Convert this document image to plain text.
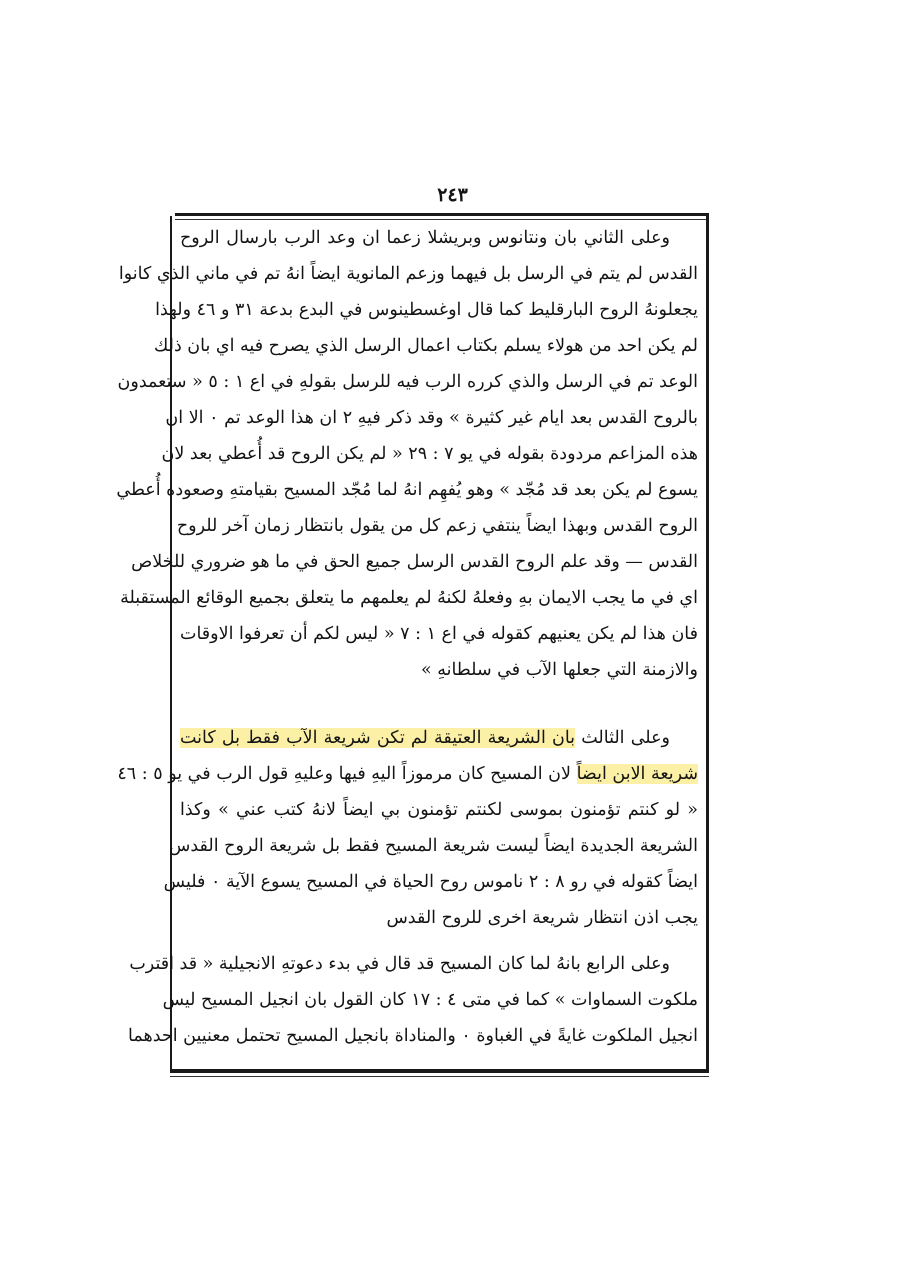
٢٤٣
وعلى الثاني بان ونتانوس وبريشلا زعما ان وعد الرب بارسال الروح
القدس لم يتم في الرسل بل فيهما وزعم المانوية ايضاً انهُ تم في ماني الذي كانوا
يجعلونهُ الروح البارقليط كما قال اوغسطينوس في البدع بدعة ٣١ و ٤٦ ولهذا
لم يكن احد من هولاء يسلم بكتاب اعمال الرسل الذي يصرح فيه اي بان ذلك
الوعد تم في الرسل والذي كرره الرب فيه للرسل بقولهِ في اع ١ : ٥ « ستعمدون
بالروح القدس بعد ايام غير كثيرة » وقد ذكر فيهِ ٢ ان هذا الوعد تم ٠ الا ان
هذه المزاعم مردودة بقوله في يو ٧ : ٢٩ « لم يكن الروح قد أُعطي بعد لان
يسوع لم يكن بعد قد مُجّد » وهو يُفهِم انهُ لما مُجّد المسيح بقيامتهِ وصعوده أُعطي
الروح القدس وبهذا ايضاً ينتفي زعم كل من يقول بانتظار زمان آخر للروح
القدس — وقد علم الروح القدس الرسل جميع الحق في ما هو ضروري للخلاص
اي في ما يجب الايمان بهِ وفعلهُ لكنهُ لم يعلمهم ما يتعلق بجميع الوقائع المستقبلة
فان هذا لم يكن يعنيهم كقوله في اع ١ : ٧ « ليس لكم أن تعرفوا الاوقات
والازمنة التي جعلها الآب في سلطانهِ »
وعلى الثالث بان الشريعة العتيقة لم تكن شريعة الآب فقط بل كانت
شريعة الابن ايضاً لان المسيح كان مرموزاً اليهِ فيها وعليهِ قول الرب في يو ٥ : ٤٦
« لو كنتم تؤمنون بموسى لكنتم تؤمنون بي ايضاً لانهُ كتب عني » وكذا
الشريعة الجديدة ايضاً ليست شريعة المسيح فقط بل شريعة الروح القدس
ايضاً كقوله في رو ٨ : ٢ ناموس روح الحياة في المسيح يسوع الآية ٠ فليس
يجب اذن انتظار شريعة اخرى للروح القدس
وعلى الرابع بانهُ لما كان المسيح قد قال في بدء دعوتهِ الانجيلية « قد اقترب
ملكوت السماوات » كما في متى ٤ : ١٧ كان القول بان انجيل المسيح ليس
انجيل الملكوت غايةً في الغباوة ٠ والمناداة بانجيل المسيح تحتمل معنيين احدهما
